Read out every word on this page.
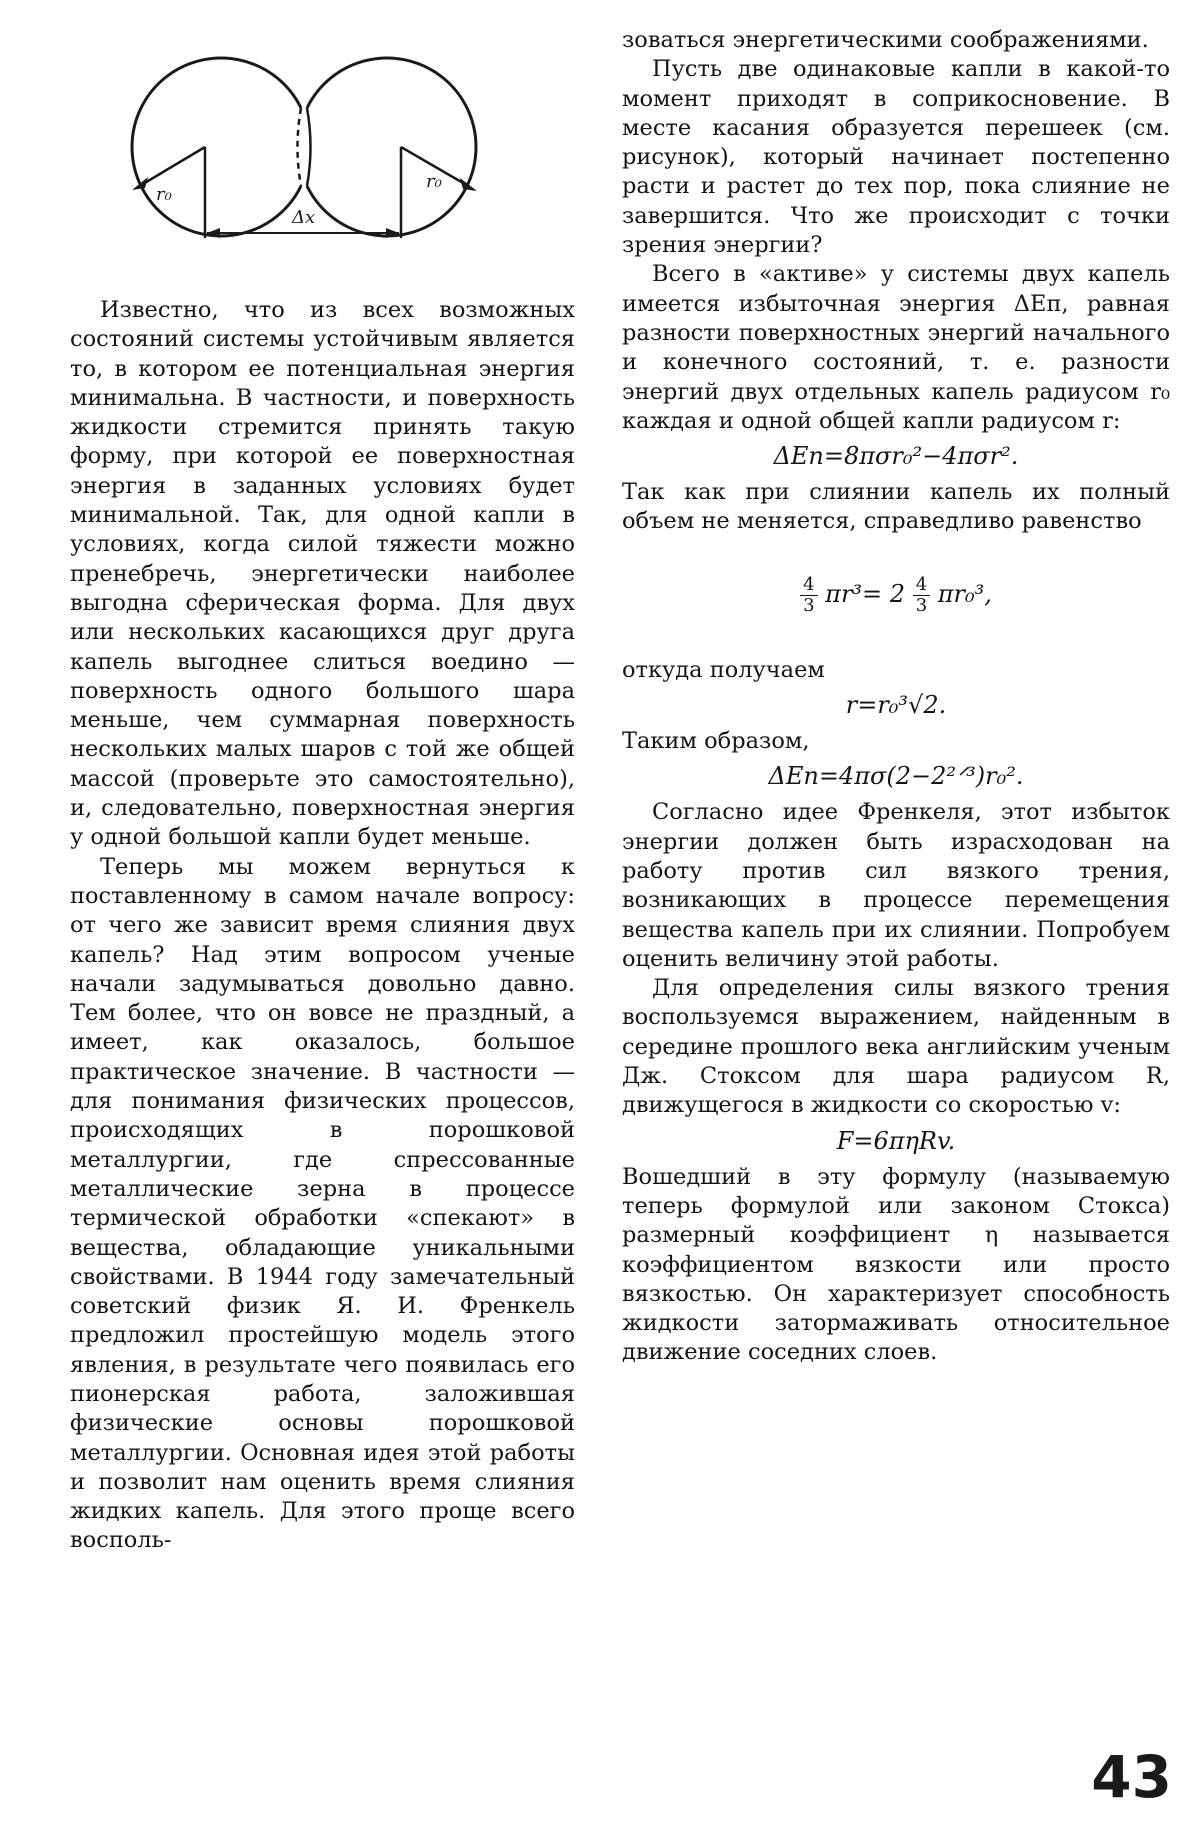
r₀
r₀
Δx

Известно, что из всех возможных состояний системы устойчивым является то, в котором ее потенциальная энергия минимальна. В частности, и поверхность жидкости стремится принять такую форму, при которой ее поверхностная энергия в заданных условиях будет минимальной. Так, для одной капли в условиях, когда силой тяжести можно пренебречь, энергетически наиболее выгодна сферическая форма. Для двух или нескольких касающихся друг друга капель выгоднее слиться воедино — поверхность одного большого шара меньше, чем суммарная поверхность нескольких малых шаров с той же общей массой (проверьте это самостоятельно), и, следовательно, поверхностная энергия у одной большой капли будет меньше.

Теперь мы можем вернуться к поставленному в самом начале вопросу: от чего же зависит время слияния двух капель? Над этим вопросом ученые начали задумываться довольно давно. Тем более, что он вовсе не праздный, а имеет, как оказалось, большое практическое значение. В частности — для понимания физических процессов, происходящих в порошковой металлургии, где спрессованные металлические зерна в процессе термической обработки «спекают» в вещества, обладающие уникальными свойствами. В 1944 году замечательный советский физик Я. И. Френкель предложил простейшую модель этого явления, в результате чего появилась его пионерская работа, заложившая физические основы порошковой металлургии. Основная идея этой работы и позволит нам оценить время слияния жидких капель. Для этого проще всего восполь-

зоваться энергетическими соображениями.

Пусть две одинаковые капли в какой-то момент приходят в соприкосновение. В месте касания образуется перешеек (см. рисунок), который начинает постепенно расти и растет до тех пор, пока слияние не завершится. Что же происходит с точки зрения энергии?

Всего в «активе» у системы двух капель имеется избыточная энергия ΔEп, равная разности поверхностных энергий начального и конечного состояний, т. е. разности энергий двух отдельных капель радиусом r₀ каждая и одной общей капли радиусом r:

ΔEп=8πσr₀²−4πσr².

Так как при слиянии капель их полный объем не меняется, справедливо равенство

$\frac{4}{3} \pi r^3= 2 \frac{4}{3} \pi r_0^3$,

откуда получаем

r=r₀³√2.

Таким образом,

ΔEп=4πσ(2−2²ᐟ³)r₀².

Согласно идее Френкеля, этот избыток энергии должен быть израсходован на работу против сил вязкого трения, возникающих в процессе перемещения вещества капель при их слиянии. Попробуем оценить величину этой работы.

Для определения силы вязкого трения воспользуемся выражением, найденным в середине прошлого века английским ученым Дж. Стоксом для шара радиусом R, движущегося в жидкости со скоростью v:

F=6πηRv.

Вошедший в эту формулу (называемую теперь формулой или законом Стокса) размерный коэффициент η называется коэффициентом вязкости или просто вязкостью. Он характеризует способность жидкости затормаживать относительное движение соседних слоев.

43
